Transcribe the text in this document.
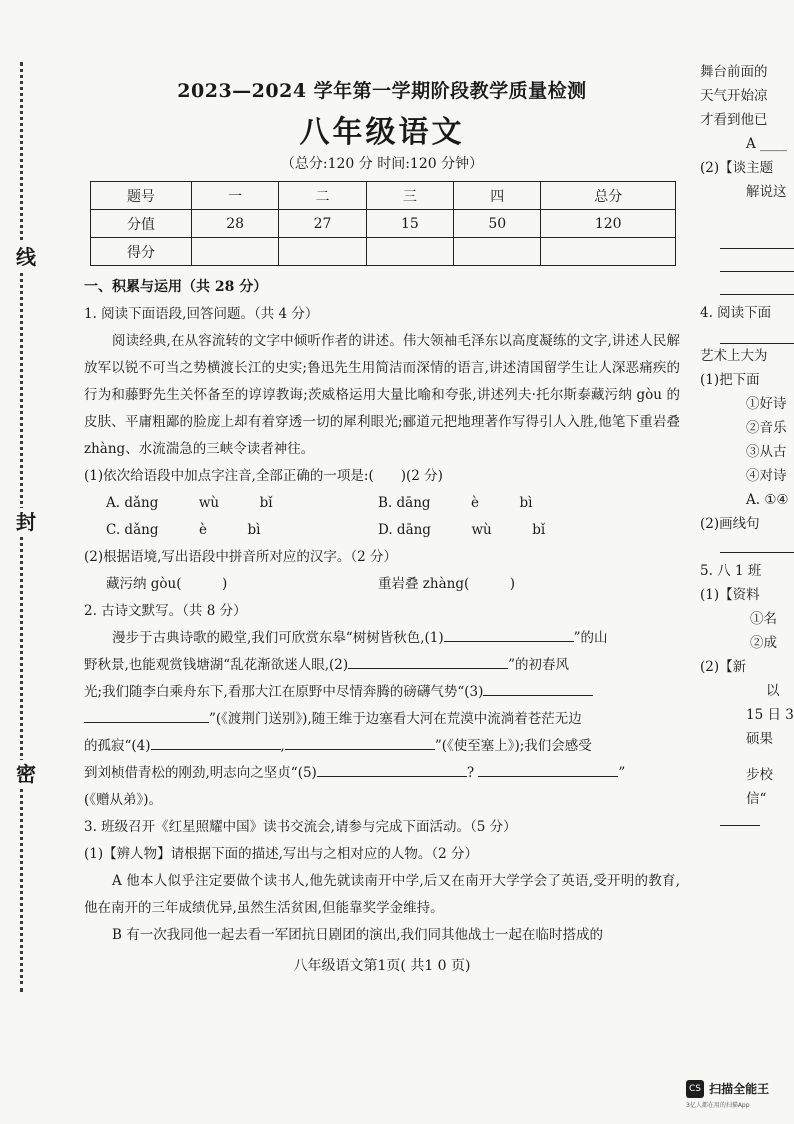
线
封
密
2023—2024 学年第一学期阶段教学质量检测
八年级语文
（总分:120 分 时间:120 分钟）
题号	一	二	三	四	总分
分值	28	27	15	50	120
得分					
一、积累与运用（共 28 分）
1. 阅读下面语段,回答问题。（共 4 分）
阅读经典,在从容流转的文字中倾听作者的讲述。伟大领袖毛泽东以高度凝练的文字,讲述人民解放军以锐不可当之势横渡长江的史实;鲁迅先生用简洁而深情的语言,讲述清国留学生让人深恶痛疾的行为和藤野先生关怀备至的谆谆教诲;茨威格运用大量比喻和夸张,讲述列夫·托尔斯泰藏污纳 gòu 的皮肤、平庸粗鄙的脸庞上却有着穿透一切的犀利眼光;郦道元把地理著作写得引人入胜,他笔下重岩叠 zhàng、水流湍急的三峡令读者神往。
(1)依次给语段中加点字注音,全部正确的一项是:(　　)(2 分)
A. dǎng   	wù   	bǐ	B. dāng   	è   	bì
C. dǎng   	è   	bì	D. dāng   	wù   	bǐ
(2)根据语境,写出语段中拼音所对应的汉字。（2 分）
藏污纳 gòu(　　　)	重岩叠 zhàng(　　　)
2. 古诗文默写。（共 8 分）
漫步于古典诗歌的殿堂,我们可欣赏东皋“树树皆秋色,(1)	”的山
野秋景,也能观赏钱塘湖“乱花渐欲迷人眼,(2)	”的初春风
光;我们随李白乘舟东下,看那大江在原野中尽情奔腾的磅礴气势“(3)
”(《渡荆门送别》),随王维于边塞看大河在荒漠中流淌着苍茫无边
的孤寂“(4)	,	”(《使至塞上》);我们会感受
到刘桢借青松的刚劲,明志向之坚贞“(5)	?	”
(《赠从弟》)。
3. 班级召开《红星照耀中国》读书交流会,请参与完成下面活动。（5 分）
(1)【辨人物】请根据下面的描述,写出与之相对应的人物。（2 分）
A 他本人似乎注定要做个读书人,他先就读南开中学,后又在南开大学学会了英语,受开明的教育,他在南开的三年成绩优异,虽然生活贫困,但能靠奖学金维持。
B 有一次我同他一起去看一军团抗日剧团的演出,我们同其他战士一起在临时搭成的
八年级语文第1页( 共1 0 页)
舞台前面的
天气开始凉
才看到他已
A ____
(2)【谈主题
解说这
4. 阅读下面
艺术上大为
(1)把下面
①好诗
②音乐
③从古
④对诗
A. ①④
(2)画线句
5. 八 1 班
(1)【资料
①名
②成
(2)【新
以
15 日 3
硕果
步校
信“
CS 扫描全能王
3亿人都在用的扫描App
